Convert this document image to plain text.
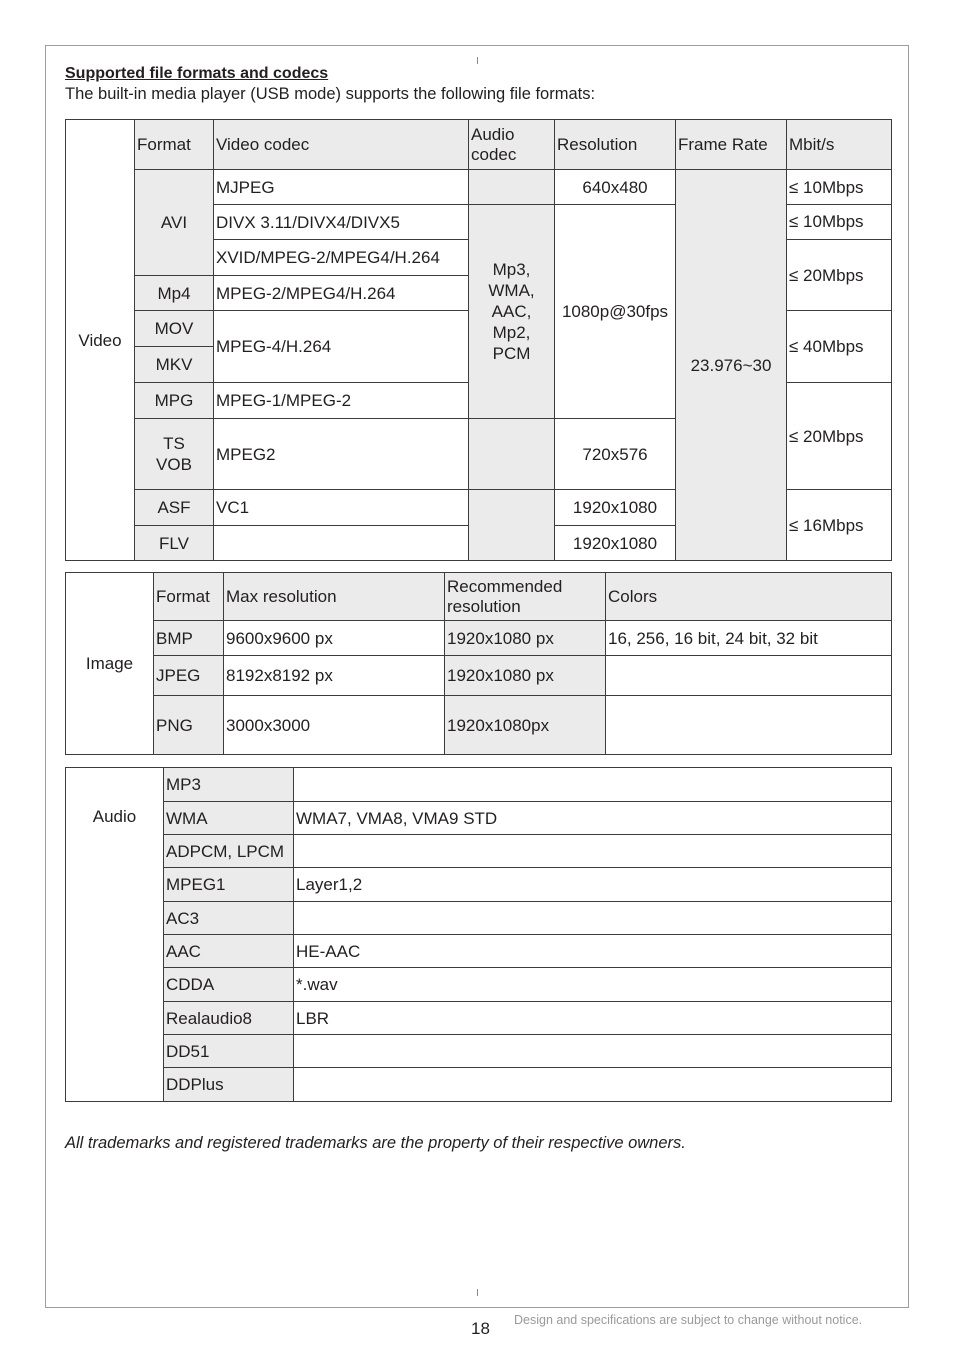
Supported file formats and codecs
The built-in media player (USB mode) supports the following file formats:
Video	Format	Video codec	Audio codec	Resolution	Frame Rate	Mbit/s
	AVI	MJPEG		640x480	23.976~30	≤ 10Mbps
		DIVX 3.11/DIVX4/DIVX5	Mp3,
WMA,
AAC,
Mp2,
PCM	1080p@30fps		≤ 10Mbps
		XVID/MPEG-2/MPEG4/H.264				≤ 20Mbps
	Mp4	MPEG-2/MPEG4/H.264				
	MOV	MPEG-4/H.264				≤ 40Mbps
	MKV					
	MPG	MPEG-1/MPEG-2				≤ 20Mbps
	TS
VOB	MPEG2		720x576		
	ASF	VC1		1920x1080		≤ 16Mbps
	FLV			1920x1080		
Image	Format	Max resolution	Recommended resolution	Colors
	BMP	9600x9600 px	1920x1080 px	16, 256, 16 bit, 24 bit, 32 bit
	JPEG	8192x8192 px	1920x1080 px	
	PNG	3000x3000	1920x1080px	
Audio	MP3	
	WMA	WMA7, VMA8, VMA9 STD
	ADPCM, LPCM	
	MPEG1	Layer1,2
	AC3	
	AAC	HE-AAC
	CDDA	*.wav
	Realaudio8	LBR
	DD51	
	DDPlus	
All trademarks and registered trademarks are the property of their respective owners.
18 Design and specifications are subject to change without notice.
